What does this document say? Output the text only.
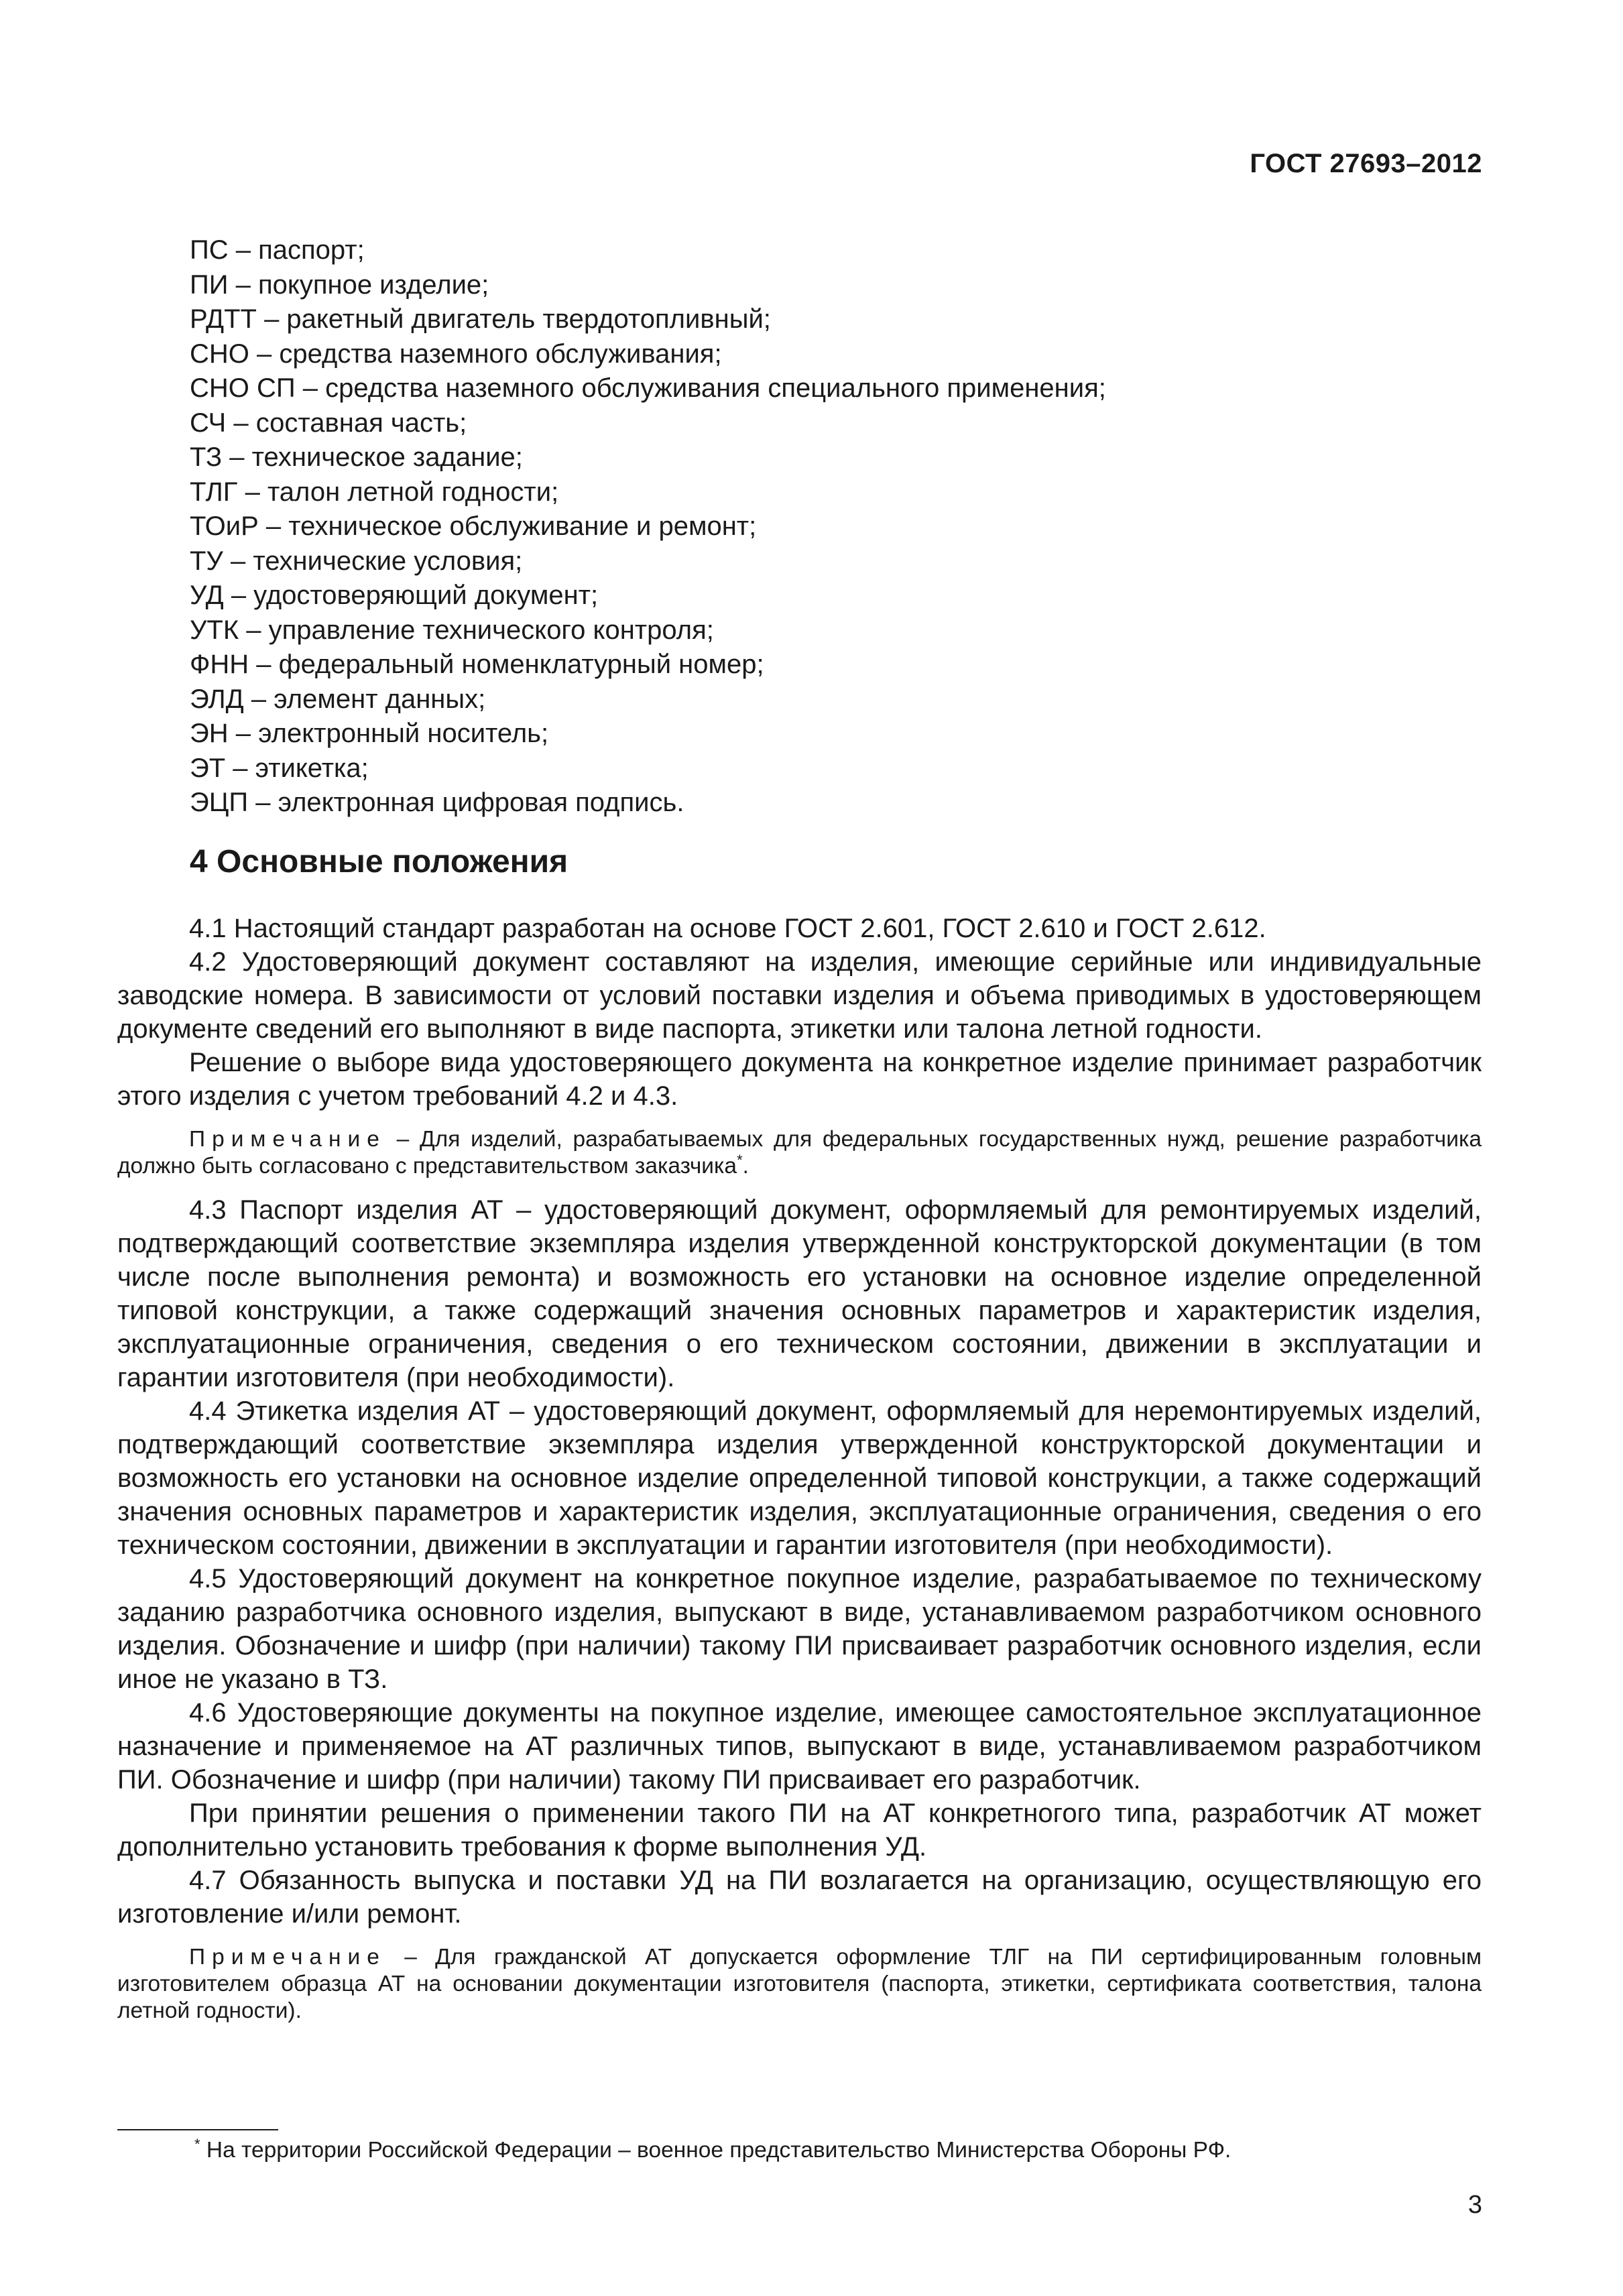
ГОСТ 27693–2012
ПС – паспорт;
ПИ – покупное изделие;
РДТТ – ракетный двигатель твердотопливный;
СНО – средства наземного обслуживания;
СНО СП – средства наземного обслуживания специального применения;
СЧ – составная часть;
ТЗ – техническое задание;
ТЛГ – талон летной годности;
ТОиР – техническое обслуживание и ремонт;
ТУ – технические условия;
УД – удостоверяющий документ;
УТК – управление технического контроля;
ФНН – федеральный номенклатурный номер;
ЭЛД – элемент данных;
ЭН – электронный носитель;
ЭТ – этикетка;
ЭЦП – электронная цифровая подпись.
4 Основные положения

4.1 Настоящий стандарт разработан на основе ГОСТ 2.601, ГОСТ 2.610 и ГОСТ 2.612.

4.2 Удостоверяющий документ составляют на изделия, имеющие серийные или индивидуальные заводские номера. В зависимости от условий поставки изделия и объема приводимых в удостоверяющем документе сведений его выполняют в виде паспорта, этикетки или талона летной годности.

Решение о выборе вида удостоверяющего документа на конкретное изделие принимает разработчик этого изделия с учетом требований 4.2 и 4.3.

Примечание – Для изделий, разрабатываемых для федеральных государственных нужд, решение разработчика должно быть согласовано с представительством заказчика*.

4.3 Паспорт изделия АТ – удостоверяющий документ, оформляемый для ремонтируемых изделий, подтверждающий соответствие экземпляра изделия утвержденной конструкторской документации (в том числе после выполнения ремонта) и возможность его установки на основное изделие определенной типовой конструкции, а также содержащий значения основных параметров и характеристик изделия, эксплуатационные ограничения, сведения о его техническом состоянии, движении в эксплуатации и гарантии изготовителя (при необходимости).

4.4 Этикетка изделия АТ – удостоверяющий документ, оформляемый для неремонтируемых изделий, подтверждающий соответствие экземпляра изделия утвержденной конструкторской документации и возможность его установки на основное изделие определенной типовой конструкции, а также содержащий значения основных параметров и характеристик изделия, эксплуатационные ограничения, сведения о его техническом состоянии, движении в эксплуатации и гарантии изготовителя (при необходимости).

4.5 Удостоверяющий документ на конкретное покупное изделие, разрабатываемое по техническому заданию разработчика основного изделия, выпускают в виде, устанавливаемом разработчиком основного изделия. Обозначение и шифр (при наличии) такому ПИ присваивает разработчик основного изделия, если иное не указано в ТЗ.

4.6 Удостоверяющие документы на покупное изделие, имеющее самостоятельное эксплуатационное назначение и применяемое на АТ различных типов, выпускают в виде, устанавливаемом разработчиком ПИ. Обозначение и шифр (при наличии) такому ПИ присваивает его разработчик.

При принятии решения о применении такого ПИ на АТ конкретногого типа, разработчик АТ может дополнительно установить требования к форме выполнения УД.

4.7 Обязанность выпуска и поставки УД на ПИ возлагается на организацию, осуществляющую его изготовление и/или ремонт.

Примечание – Для гражданской АТ допускается оформление ТЛГ на ПИ сертифицированным головным изготовителем образца АТ на основании документации изготовителя (паспорта, этикетки, сертификата соответствия, талона летной годности).

* На территории Российской Федерации – военное представительство Министерства Обороны РФ.
3
